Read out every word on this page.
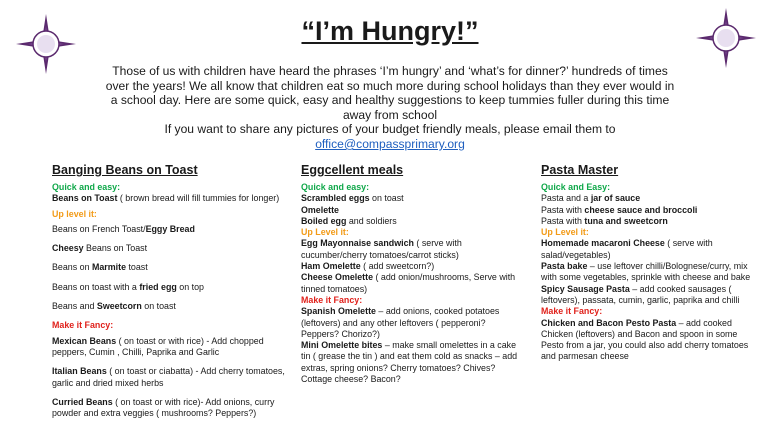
“I’m Hungry!”

Those of us with children have heard the phrases ‘I’m hungry’ and ‘what’s for dinner?’ hundreds of times over the years! We all know that children eat so much more during school holidays than they ever would in a school day. Here are some quick, easy and healthy suggestions to keep tummies fuller during this time away from school

If you want to share any pictures of your budget friendly meals, please email them to

office@compassprimary.org

Banging Beans on Toast
Quick and easy:
Beans on Toast ( brown bread will fill tummies for longer)
Up level it:
Beans on French Toast/Eggy Bread
Cheesy Beans on Toast
Beans on Marmite toast
Beans on toast with a fried egg on top
Beans and Sweetcorn on toast
Make it Fancy:
Mexican Beans ( on toast or with rice) - Add chopped peppers, Cumin , Chilli, Paprika and Garlic
Italian Beans ( on toast or ciabatta) - Add cherry tomatoes, garlic and dried mixed herbs
Curried Beans ( on toast or with rice)- Add onions, curry powder and extra veggies ( mushrooms? Peppers?)
Eggcellent meals
Quick and easy:
Scrambled eggs on toast
Omelette
Boiled egg and soldiers
Up Level it:
Egg Mayonnaise sandwich ( serve with cucumber/cherry tomatoes/carrot sticks)
Ham Omelette ( add sweetcorn?)
Cheese Omelette ( add onion/mushrooms, Serve with tinned tomatoes)
Make it Fancy:
Spanish Omelette – add onions, cooked potatoes (leftovers) and any other leftovers ( pepperoni? Peppers? Chorizo?)
Mini Omelette bites – make small omelettes in a cake tin ( grease the tin ) and eat them cold as snacks – add extras, spring onions? Cherry tomatoes? Chives? Cottage cheese? Bacon?
Pasta Master
Quick and Easy:
Pasta and a jar of sauce
Pasta with cheese sauce and broccoli
Pasta with tuna and sweetcorn
Up Level it:
Homemade macaroni Cheese ( serve with salad/vegetables)
Pasta bake – use leftover chilli/Bolognese/curry, mix with some vegetables, sprinkle with cheese and bake
Spicy Sausage Pasta – add cooked sausages ( leftovers), passata, cumin, garlic, paprika and chilli
Make it Fancy:
Chicken and Bacon Pesto Pasta – add cooked Chicken (leftovers) and Bacon and spoon in some Pesto from a jar, you could also add cherry tomatoes and parmesan cheese
